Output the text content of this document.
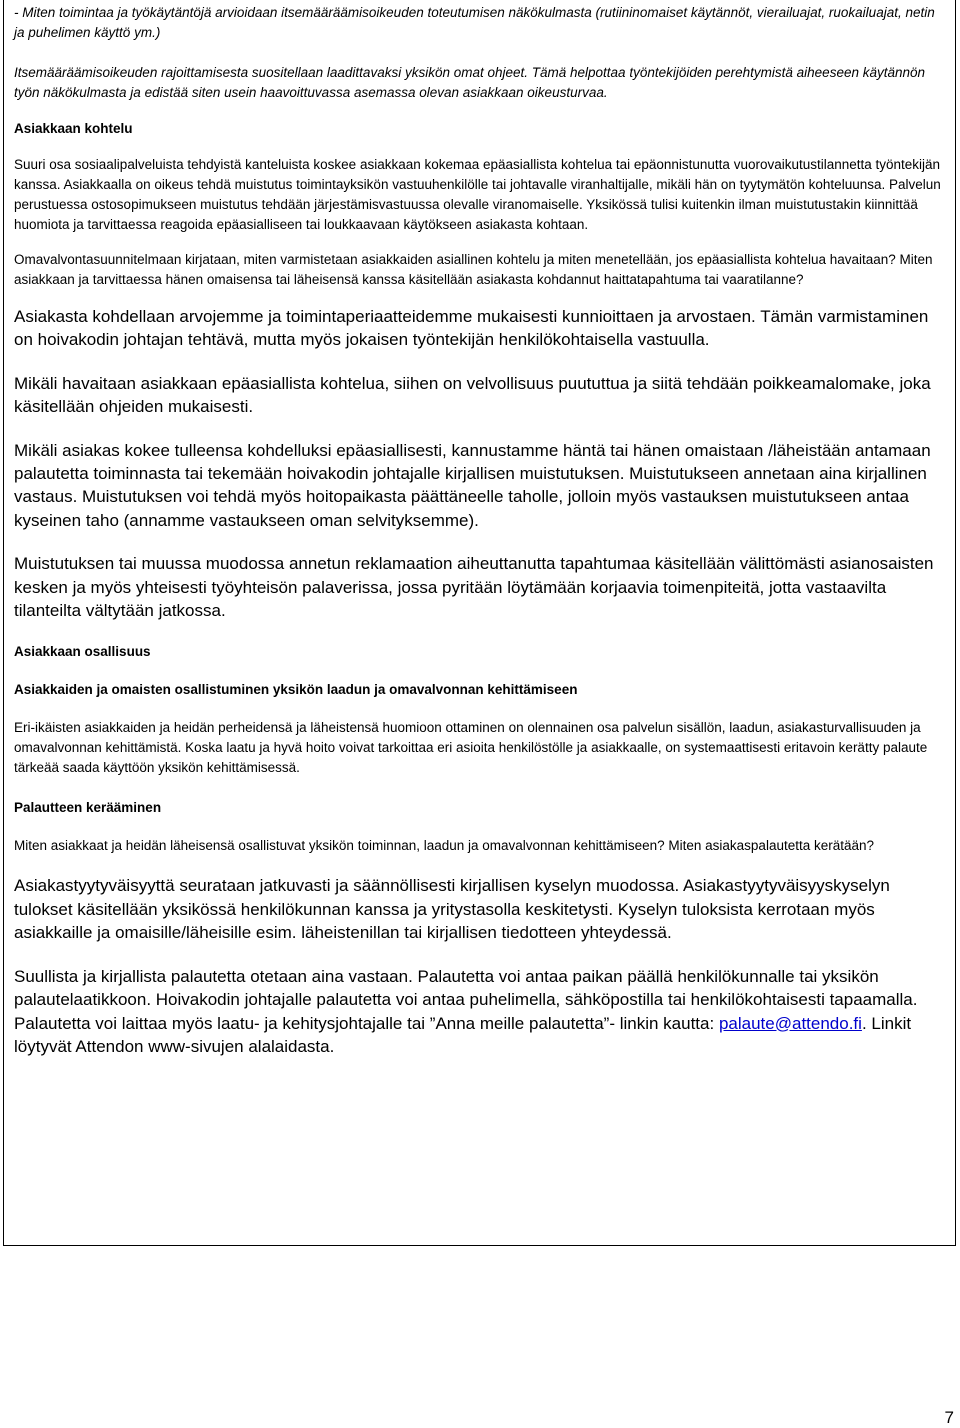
- Miten toimintaa ja työkäytäntöjä arvioidaan itsemääräämisoikeuden toteutumisen näkökulmasta (rutiininomaiset käytännöt, vierailuajat, ruokailuajat, netin ja puhelimen käyttö ym.)

Itsemääräämisoikeuden rajoittamisesta suositellaan laadittavaksi yksikön omat ohjeet. Tämä helpottaa työntekijöiden perehtymistä aiheeseen käytännön työn näkökulmasta ja edistää siten usein haavoittuvassa asemassa olevan asiakkaan oikeusturvaa.

Asiakkaan kohtelu

Suuri osa sosiaalipalveluista tehdyistä kanteluista koskee asiakkaan kokemaa epäasiallista kohtelua tai epäonnistunutta vuorovaikutustilannetta työntekijän kanssa. Asiakkaalla on oikeus tehdä muistutus toimintayksikön vastuuhenkilölle tai johtavalle viranhaltijalle, mikäli hän on tyytymätön kohteluunsa. Palvelun perustuessa ostosopimukseen muistutus tehdään järjestämisvastuussa olevalle viranomaiselle. Yksikössä tulisi kuitenkin ilman muistutustakin kiinnittää huomiota ja tarvittaessa reagoida epäasialliseen tai loukkaavaan käytökseen asiakasta kohtaan.

Omavalvontasuunnitelmaan kirjataan, miten varmistetaan asiakkaiden asiallinen kohtelu ja miten menetellään, jos epäasiallista kohtelua havaitaan? Miten asiakkaan ja tarvittaessa hänen omaisensa tai läheisensä kanssa käsitellään asiakasta kohdannut haittatapahtuma tai vaaratilanne?

Asiakasta kohdellaan arvojemme ja toimintaperiaatteidemme mukaisesti kunnioittaen ja arvostaen. Tämän varmistaminen on hoivakodin johtajan tehtävä, mutta myös jokaisen työntekijän henkilökohtaisella vastuulla.

Mikäli havaitaan asiakkaan epäasiallista kohtelua, siihen on velvollisuus puututtua ja siitä tehdään poikkeamalomake, joka käsitellään ohjeiden mukaisesti.

Mikäli asiakas kokee tulleensa kohdelluksi epäasiallisesti, kannustamme häntä tai hänen omaistaan /läheistään antamaan palautetta toiminnasta tai tekemään hoivakodin johtajalle kirjallisen muistutuksen. Muistutukseen annetaan aina kirjallinen vastaus. Muistutuksen voi tehdä myös hoitopaikasta päättäneelle taholle, jolloin myös vastauksen muistutukseen antaa kyseinen taho (annamme vastaukseen oman selvityksemme).

Muistutuksen tai muussa muodossa annetun reklamaation aiheuttanutta tapahtumaa käsitellään välittömästi asianosaisten kesken ja myös yhteisesti työyhteisön palaverissa, jossa pyritään löytämään korjaavia toimenpiteitä, jotta vastaavilta tilanteilta vältytään jatkossa.

Asiakkaan osallisuus

Asiakkaiden ja omaisten osallistuminen yksikön laadun ja omavalvonnan kehittämiseen

Eri-ikäisten asiakkaiden ja heidän perheidensä ja läheistensä huomioon ottaminen on olennainen osa palvelun sisällön, laadun, asiakasturvallisuuden ja omavalvonnan kehittämistä. Koska laatu ja hyvä hoito voivat tarkoittaa eri asioita henkilöstölle ja asiakkaalle, on systemaattisesti eritavoin kerätty palaute tärkeää saada käyttöön yksikön kehittämisessä.

Palautteen kerääminen

Miten asiakkaat ja heidän läheisensä osallistuvat yksikön toiminnan, laadun ja omavalvonnan kehittämiseen? Miten asiakaspalautetta kerätään?

Asiakastyytyväisyyttä seurataan jatkuvasti ja säännöllisesti kirjallisen kyselyn muodossa. Asiakastyytyväisyyskyselyn tulokset käsitellään yksikössä henkilökunnan kanssa ja yritystasolla keskitetysti. Kyselyn tuloksista kerrotaan myös asiakkaille ja omaisille/läheisille esim. läheistenillan tai kirjallisen tiedotteen yhteydessä.

Suullista ja kirjallista palautetta otetaan aina vastaan. Palautetta voi antaa paikan päällä henkilökunnalle tai yksikön palautelaatikkoon. Hoivakodin johtajalle palautetta voi antaa puhelimella, sähköpostilla tai henkilökohtaisesti tapaamalla. Palautetta voi laittaa myös laatu- ja kehitysjohtajalle tai ”Anna meille palautetta”- linkin kautta: palaute@attendo.fi. Linkit löytyvät Attendon www-sivujen alalaidasta.

7
